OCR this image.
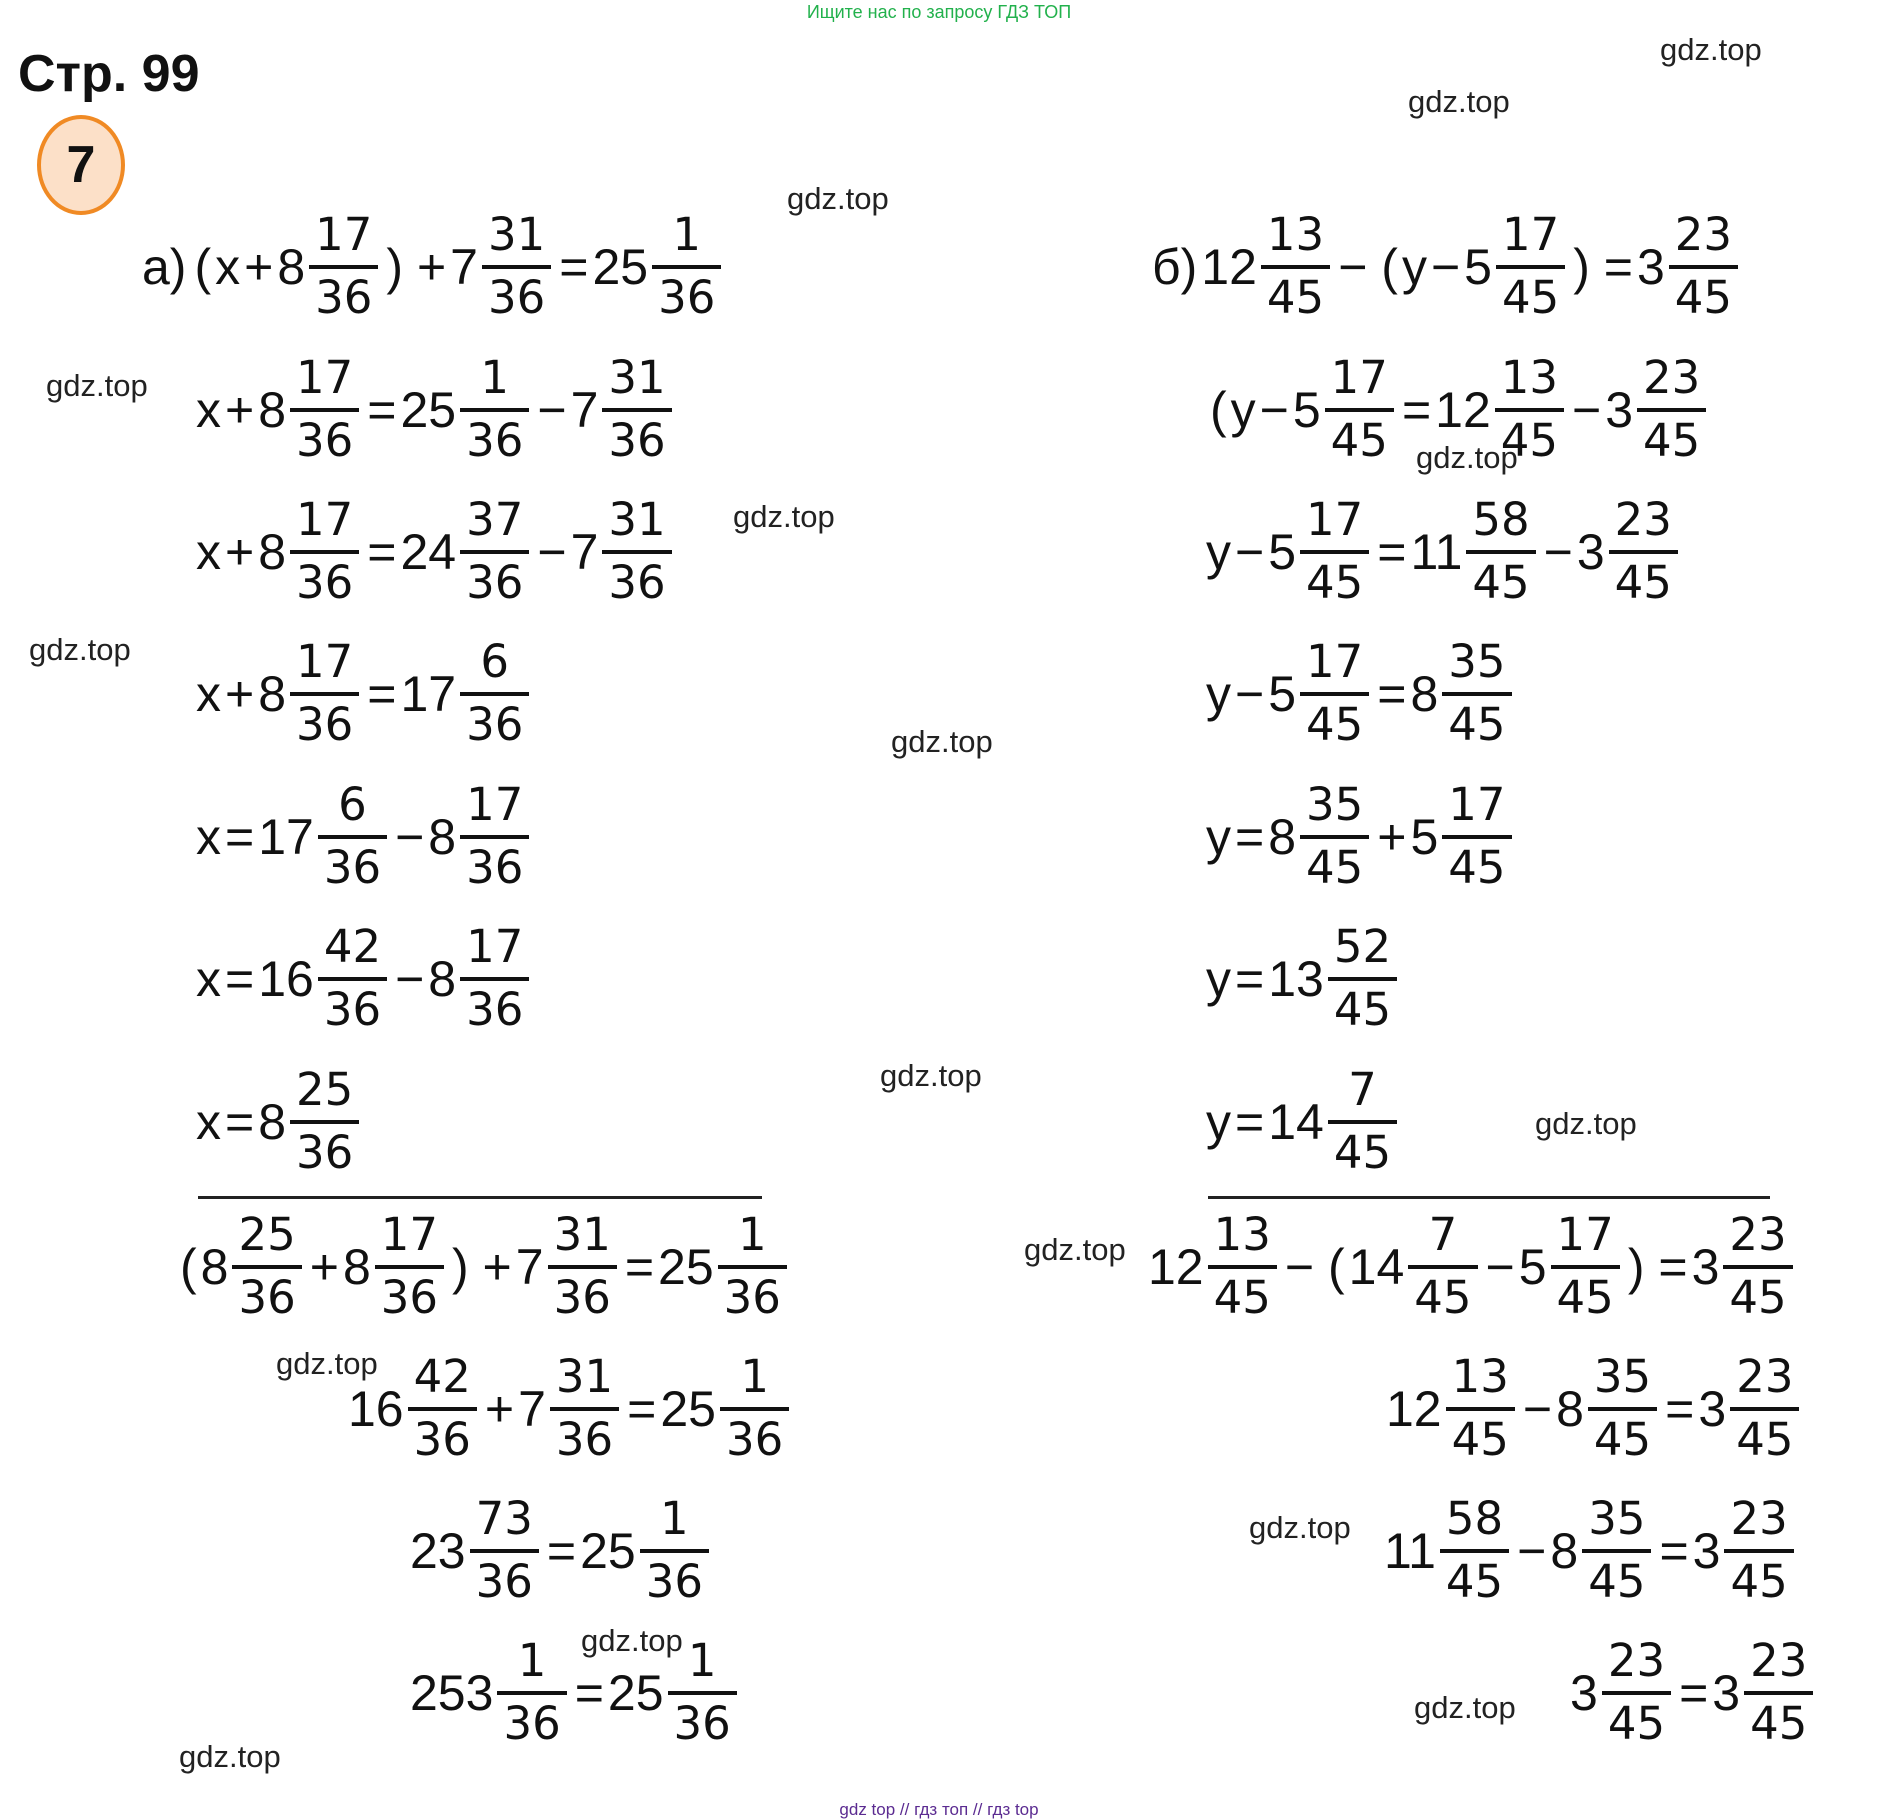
Ищите нас по запросу ГДЗ ТОП
Стр. 99
7
gdz.top
gdz.top
gdz.top
gdz.top
gdz.top
gdz.top
gdz.top
gdz.top
gdz.top
gdz.top
gdz.top
gdz.top
gdz.top
gdz.top
gdz.top
gdz.top
а) ( $x + 8 \frac{17}{36}$ ) + $7 \frac{31}{36} = 25 \frac{1}{36}$
$x + 8 \frac{17}{36} = 25 \frac{1}{36} - 7 \frac{31}{36}$
$x + 8 \frac{17}{36} = 24 \frac{37}{36} - 7 \frac{31}{36}$
$x + 8 \frac{17}{36} = 17 \frac{6}{36}$
$x = 17 \frac{6}{36} - 8 \frac{17}{36}$
$x = 16 \frac{42}{36} - 8 \frac{17}{36}$
$x = 8 \frac{25}{36}$
( $8 \frac{25}{36} + 8 \frac{17}{36}$ ) + $7 \frac{31}{36} = 25 \frac{1}{36}$
$16 \frac{42}{36} + 7 \frac{31}{36} = 25 \frac{1}{36}$
$23 \frac{73}{36} = 25 \frac{1}{36}$
$253 \frac{1}{36} = 25 \frac{1}{36}$
б) $12 \frac{13}{45}$ − ( $y - 5 \frac{17}{45}$ ) = $3 \frac{23}{45}$
( $y - 5 \frac{17}{45} = 12 \frac{13}{45} - 3 \frac{23}{45}$
$y - 5 \frac{17}{45} = 11 \frac{58}{45} - 3 \frac{23}{45}$
$y - 5 \frac{17}{45} = 8 \frac{35}{45}$
$y = 8 \frac{35}{45} + 5 \frac{17}{45}$
$y = 13 \frac{52}{45}$
$y = 14 \frac{7}{45}$
$12 \frac{13}{45}$ − ( $14 \frac{7}{45} - 5 \frac{17}{45}$ ) = $3 \frac{23}{45}$
$12 \frac{13}{45} - 8 \frac{35}{45} = 3 \frac{23}{45}$
$11 \frac{58}{45} - 8 \frac{35}{45} = 3 \frac{23}{45}$
$3 \frac{23}{45} = 3 \frac{23}{45}$
gdz top // гдз топ // гдз top
